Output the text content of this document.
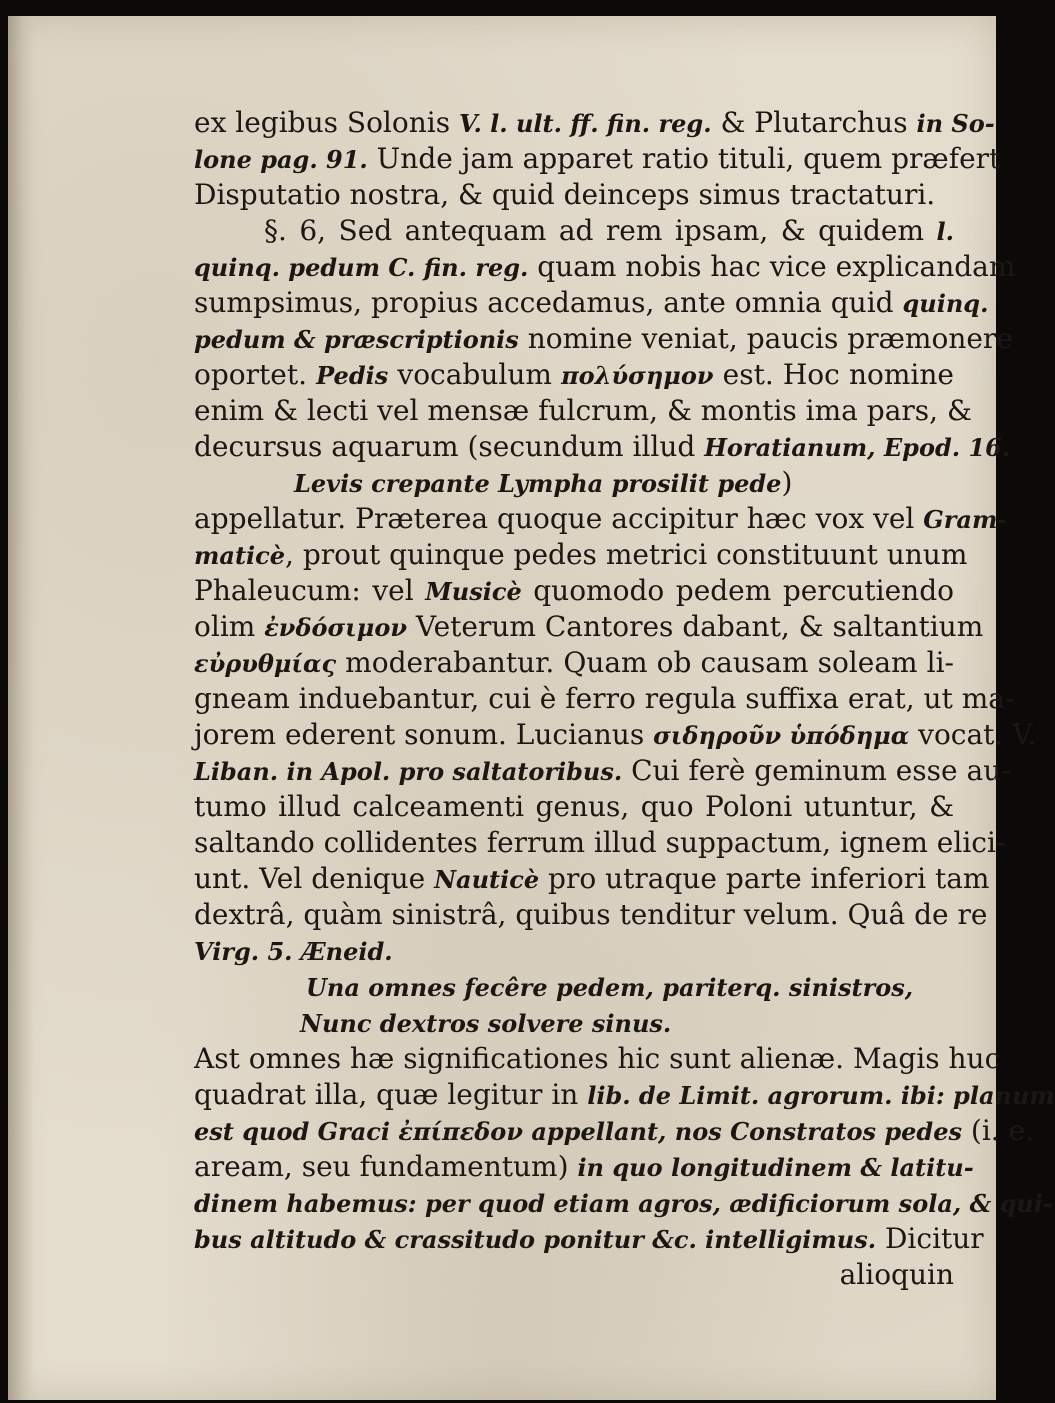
ex legibus Solonis V. l. ult. ff. fin. reg. & Plutarchus in So-
lone pag. 91. Unde jam apparet ratio tituli, quem præfert
Disputatio nostra, & quid deinceps simus tractaturi.
§. 6, Sed antequam ad rem ipsam, & quidem l.
quinq. pedum C. fin. reg. quam nobis hac vice explicandam
sumpsimus, propius accedamus, ante omnia quid quinq.
pedum & præscriptionis nomine veniat, paucis præmonere
oportet. Pedis vocabulum πολύσημον est. Hoc nomine
enim & lecti vel mensæ fulcrum, & montis ima pars, &
decursus aquarum (secundum illud Horatianum, Epod. 16.
Levis crepante Lympha prosilit pede)
appellatur. Præterea quoque accipitur hæc vox vel Gram-
maticè, prout quinque pedes metrici constituunt unum
Phaleucum: vel Musicè quomodo pedem percutiendo
olim ἐνδόσιμον Veterum Cantores dabant, & saltantium
εὐρυθμίας moderabantur. Quam ob causam soleam li-
gneam induebantur, cui è ferro regula suffixa erat, ut ma-
jorem ederent sonum. Lucianus σιδηροῦν ὑπόδημα vocat. V.
Liban. in Apol. pro saltatoribus. Cui ferè geminum esse au-
tumo illud calceamenti genus, quo Poloni utuntur, &
saltando collidentes ferrum illud suppactum, ignem elici-
unt. Vel denique Nauticè pro utraque parte inferiori tam
dextrâ, quàm sinistrâ, quibus tenditur velum. Quâ de re
Virg. 5. Æneid.
Una omnes fecêre pedem, pariterq. sinistros,
Nunc dextros solvere sinus.
Ast omnes hæ significationes hic sunt alienæ. Magis huc
quadrat illa, quæ legitur in lib. de Limit. agrorum. ibi: planum
est quod Graci ἐπίπεδον appellant, nos Constratos pedes (i. e.
aream, seu fundamentum) in quo longitudinem & latitu-
dinem habemus: per quod etiam agros, ædificiorum sola, & qui-
bus altitudo & crassitudo ponitur &c. intelligimus. Dicitur
alioquin
